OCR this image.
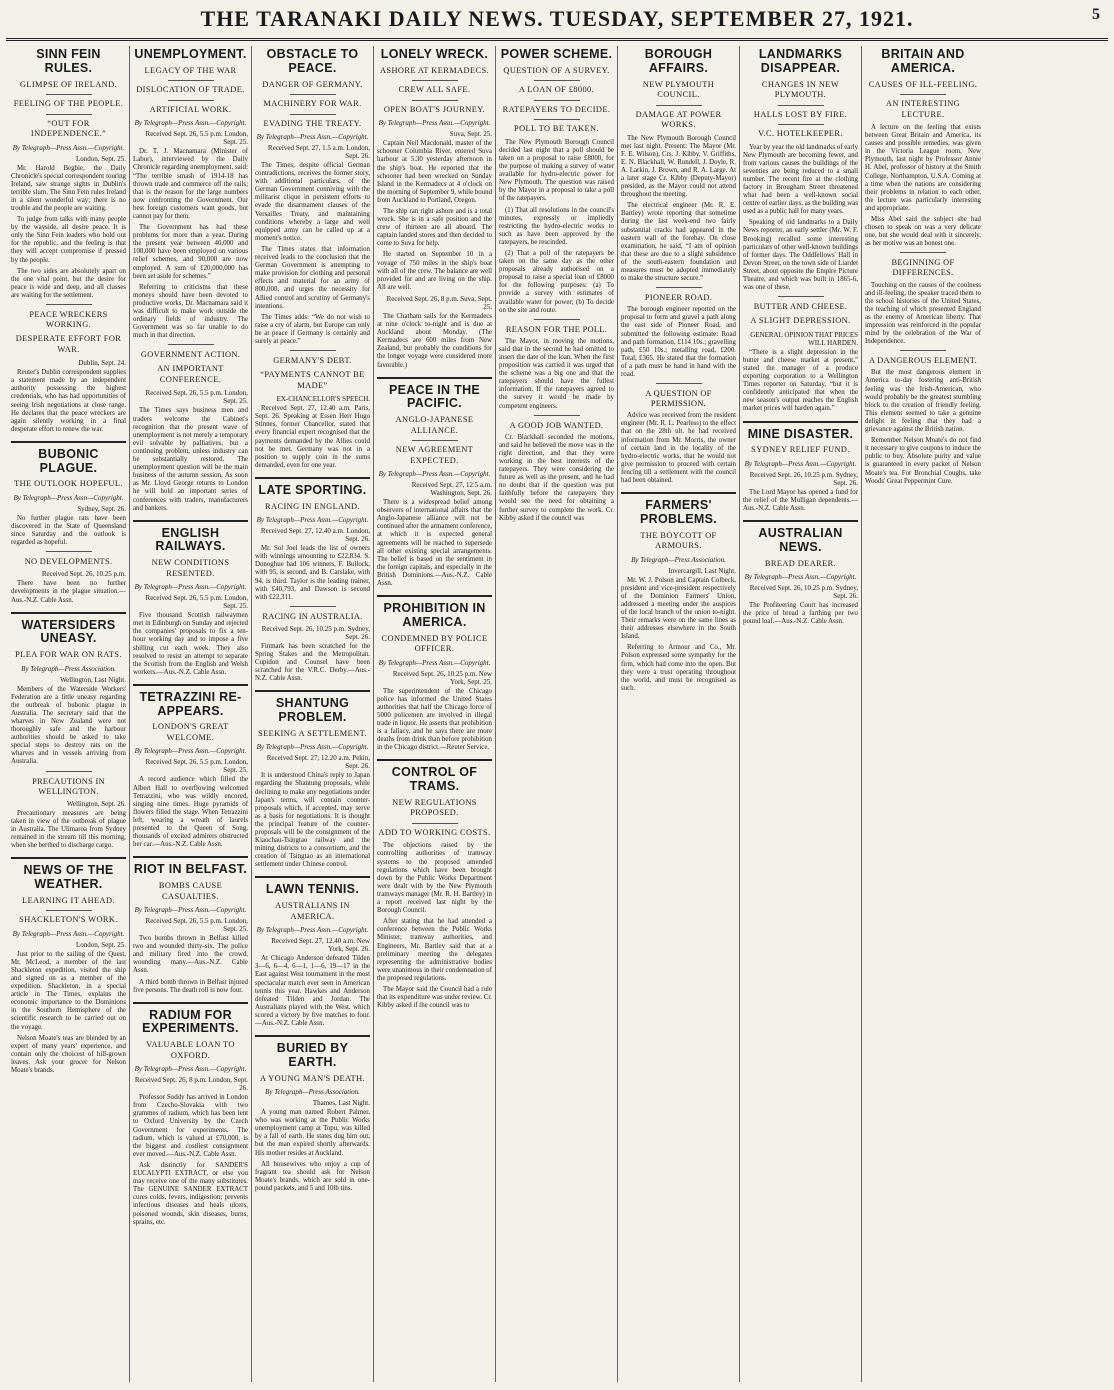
THE TARANAKI DAILY NEWS. TUESDAY, SEPTEMBER 27, 1921.	5
SINN FEIN RULES.
GLIMPSE OF IRELAND.
FEELING OF THE PEOPLE.
“OUT FOR INDEPENDENCE.”
By Telegraph—Press Assn.—Copyright.
London, Sept. 25.

Mr. Harold Begbie, the Daily Chronicle's special correspondent touring Ireland, saw strange sights in Dublin's terrible slum. The Sinn Fein rules Ireland in a silent wonderful way; there is no trouble and the people are waiting.

To judge from talks with many people by the wayside, all desire peace. It is only the Sinn Fein leaders who hold out for the republic, and the feeling is that they will accept compromise if pressed by the people.

The two sides are absolutely apart on the one vital point, but the desire for peace is wide and deep, and all classes are waiting for the settlement.

PEACE WRECKERS WORKING.
DESPERATE EFFORT FOR WAR.
Dublin, Sept. 24.

Reuter's Dublin correspondent supplies a statement made by an independent authority possessing the highest credentials, who has had opportunities of seeing Irish negotiations at close range. He declares that the peace wreckers are again silently working in a final desperate effort to renew the war.

BUBONIC PLAGUE.
THE OUTLOOK HOPEFUL.
By Telegraph—Press Assn—Copyright.
Sydney, Sept. 26.

No further plague rats have been discovered in the State of Queensland since Saturday and the outlook is regarded as hopeful.

NO DEVELOPMENTS.
Received Sept. 26, 10.25 p.m.

There have been no further developments in the plague situation.—Aus.-N.Z. Cable Assn.

WATERSIDERS UNEASY.
PLEA FOR WAR ON RATS.
By Telegraph—Press Association.
Wellington, Last Night.

Members of the Waterside Workers' Federation are a little uneasy regarding the outbreak of bubonic plague in Australia. The secretary said that the wharves in New Zealand were not thoroughly safe and the harbour authorities should be asked to take special steps to destroy rats on the wharves and in vessels arriving from Australia.

PRECAUTIONS IN WELLINGTON.
Wellington, Sept. 26.

Precautionary measures are being taken in view of the outbreak of plague in Australia. The Ulimaroa from Sydney remained in the stream till this morning, when she berthed to discharge cargo.

NEWS OF THE WEATHER.
LEARNING IT AHEAD.
SHACKLETON'S WORK.
By Telegraph—Press Assn.—Copyright.
London, Sept. 25.

Just prior to the sailing of the Quest, Mr. McLeod, a member of the last Shackleton expedition, visited the ship and signed on as a member of the expedition. Shackleton, in a special article in The Times, explains the economic importance to the Dominions in the Southern Hemisphere of the scientific research to be carried out on the voyage.

Nelson Moate's teas are blended by an expert of many years' experience, and contain only the choicest of hill-grown leaves. Ask your grocer for Nelson Moate's brands.

UNEMPLOYMENT.
LEGACY OF THE WAR
DISLOCATION OF TRADE.
ARTIFICIAL WORK.
By Telegraph—Press Assn.—Copyright.
Received Sept. 26, 5.5 p.m. London, Sept. 25.

Dr. T. J. Macnamara (Minister of Labor), interviewed by the Daily Chronicle regarding unemployment, said: “The terrible smash of 1914-18 has thrown trade and commerce off the rails; that is the reason for the large numbers now confronting the Government. Our best foreign customers want goods, but cannot pay for them.

The Government has had these problems for more than a year. During the present year between 40,000 and 100,000 have been employed on various relief schemes, and 90,000 are now employed. A sum of £20,000,000 has been set aside for schemes.”

Referring to criticisms that these moneys should have been devoted to productive works, Dr. Macnamara said it was difficult to make work outside the ordinary fields of industry. The Government was so far unable to do much in that direction.

GOVERNMENT ACTION.
AN IMPORTANT CONFERENCE.
Received Sept. 26, 5.5 p.m. London, Sept. 25.

The Times says business men and traders welcome the Cabinet's recognition that the present wave of unemployment is not merely a temporary evil solvable by palliatives, but a continuing problem, unless industry can be substantially restored. The unemployment question will be the main business of the autumn session. As soon as Mr. Lloyd George returns to London he will hold an important series of conferences with traders, manufacturers and bankers.

ENGLISH RAILWAYS.
NEW CONDITIONS RESENTED.
By Telegraph—Press Assn.—Copyright.
Received Sept. 26, 5.5 p.m. London, Sept. 25.

Five thousand Scottish railwaymen met in Edinburgh on Sunday and rejected the companies' proposals to fix a ten-hour working day and to impose a five shilling cut each week. They also resolved to resist an attempt to separate the Scottish from the English and Welsh workers.—Aus.-N.Z. Cable Assn.

TETRAZZINI RE-APPEARS.
LONDON'S GREAT WELCOME.
By Telegraph—Press Assn.—Copyright.
Received Sept. 26, 5.5 p.m. London, Sept. 25.

A record audience which filled the Albert Hall to overflowing welcomed Tetrazzini, who was wildly encored, singing nine times. Huge pyramids of flowers filled the stage. When Tetrazzini left, wearing a wreath of laurels presented to the Queen of Song, thousands of excited admirers obstructed her car.—Aus.-N.Z. Cable Assn.

RIOT IN BELFAST.
BOMBS CAUSE CASUALTIES.
By Telegraph—Press Assn.—Copyright.
Received Sept. 26, 5.5 p.m. London, Sept. 25.

Two bombs thrown in Belfast killed two and wounded thirty-six. The police and military fired into the crowd, wounding many.—Aus.-N.Z. Cable Assn.

A third bomb thrown in Belfast injured five persons. The death roll is now four.

RADIUM FOR EXPERIMENTS.
VALUABLE LOAN TO OXFORD.
By Telegraph—Press Assn.—Copyright.
Received Sept. 26, 8 p.m. London, Sept. 26.

Professor Soddy has arrived in London from Czecho-Slovakia with two grammes of radium, which has been lent to Oxford University by the Czech Government for experiments. The radium, which is valued at £70,000, is the biggest and costliest consignment ever moved.—Aus.-N.Z. Cable Assn.

Ask distinctly for SANDER'S EUCALYPTI EXTRACT, or else you may receive one of the many substitutes. The GENUINE SANDER EXTRACT cures colds, fevers, indigestion; prevents infectious diseases and heals ulcers, poisoned wounds, skin diseases, burns, sprains, etc.

OBSTACLE TO PEACE.
DANGER OF GERMANY.
MACHINERY FOR WAR.
EVADING THE TREATY.
By Telegraph—Press Assn.—Copyright.
Received Sept. 27, 1.5 a.m. London, Sept. 26.

The Times, despite official German contradictions, receives the former story, with additional particulars, of the German Government conniving with the militarist clique in persistent efforts to evade the disarmament clauses of the Versailles Treaty, and maintaining conditions whereby a large and well equipped army can be called up at a moment's notice.

The Times states that information received leads to the conclusion that the German Government is attempting to make provision for clothing and personal effects and material for an army of 800,000, and urges the necessity for Allied control and scrutiny of Germany's intentions.

The Times adds: “We do not wish to raise a cry of alarm, but Europe can only be at peace if Germany is certainly and surely at peace.”

GERMANY'S DEBT.
“PAYMENTS CANNOT BE MADE”
EX-CHANCELLOR'S SPEECH.

Received Sept. 27, 12.40 a.m. Paris, Sept. 26. Speaking at Essen Herr Hugo Stinnes, former Chancellor, stated that every financial expert recognised that the payments demanded by the Allies could not be met. Germany was not in a position to supply coin in the sums demanded, even for one year.

LATE SPORTING.
RACING IN ENGLAND.
By Telegraph—Press Assn.—Copyright.
Received Sept. 27, 12.40 a.m. London, Sept. 26.

Mr. Sol Joel leads the list of owners with winnings amounting to £22,834. S. Donoghue had 106 winners, F. Bullock, with 95, is second, and B. Carslake, with 94, is third. Taylor is the leading trainer, with £40,793, and Dawson is second with £22,311.

RACING IN AUSTRALIA.
Received Sept. 26, 10.25 p.m. Sydney, Sept. 26.

Finmark has been scratched for the Spring Stakes and the Metropolitan. Cupidon and Counsel have been scratched for the V.R.C. Derby.—Aus.-N.Z. Cable Assn.

SHANTUNG PROBLEM.
SEEKING A SETTLEMENT.
By Telegraph—Press Assn.—Copyright.
Received Sept. 27, 12.20 a.m. Pekin, Sept. 26.

It is understood China's reply to Japan regarding the Shantung proposals, while declining to make any negotiations under Japan's terms, will contain counter-proposals which, if accepted, may serve as a basis for negotiations. It is thought the principal feature of the counter-proposals will be the consignment of the Kiaochau-Tsingtao railway and the mining districts to a consortium, and the creation of Tsingtao as an international settlement under Chinese control.

LAWN TENNIS.
AUSTRALIANS IN AMERICA.
By Telegraph—Press Assn.—Copyright.
Received Sept. 27, 12.40 a.m. New York, Sept. 26.

At Chicago Anderson defeated Tilden 3—6, 6—4, 6—1, 1—6, 19—17 in the East against West tournament in the most spectacular match ever seen in American tennis this year. Hawkes and Anderson defeated Tilden and Jordan. The Australians played with the West, which scored a victory by five matches to four.—Aus.-N.Z. Cable Assn.

BURIED BY EARTH.
A YOUNG MAN'S DEATH.
By Telegraph—Press Association.
Thames, Last Night.

A young man named Robert Palmer, who was working at the Public Works unemployment camp at Topu, was killed by a fall of earth. He states dug him out, but the man expired shortly afterwards. His mother resides at Auckland.

All housewives who enjoy a cup of fragrant tea should ask for Nelson Moate's brands, which are sold in one-pound packets, and 5 and 10lb tins.

LONELY WRECK.
ASHORE AT KERMADECS.
CREW ALL SAFE.
OPEN BOAT'S JOURNEY.
By Telegraph—Press Assn.—Copyright.
Suva, Sept. 25.

Captain Neil Macdonald, master of the schooner Columbia River, entered Suva harbour at 5.30 yesterday afternoon in the ship's boat. He reported that the schooner had been wrecked on Sunday Island in the Kermadecs at 4 o'clock on the morning of September 9, while bound from Auckland to Portland, Oregon.

The ship ran right ashore and is a total wreck. She is in a safe position and the crew of thirteen are all aboard. The captain landed stores and then decided to come to Suva for help.

He started on September 10 in a voyage of 750 miles in the ship's boat with all of the crew. The balance are well provided for and are living on the ship. All are well.

Received Sept. 26, 8 p.m. Suva, Sept. 25.

The Chatham sails for the Kermadecs at nine o'clock to-night and is due at Auckland about Monday. (The Kermadecs are 600 miles from New Zealand, but probably the conditions for the longer voyage were considered more favorable.)

PEACE IN THE PACIFIC.
ANGLO-JAPANESE ALLIANCE.
NEW AGREEMENT EXPECTED.
By Telegraph—Press Assn.—Copyright.
Received Sept. 27, 12.5 a.m. Washington, Sept. 26.

There is a widespread belief among observers of international affairs that the Anglo-Japanese alliance will not be continued after the armament conference, at which it is expected general agreements will be reached to supersede all other existing special arrangements. The belief is based on the sentiment in the foreign capitals, and especially in the British Dominions.—Aus.-N.Z. Cable Assn.

PROHIBITION IN AMERICA.
CONDEMNED BY POLICE OFFICER.
By Telegraph—Press Assn.—Copyright.
Received Sept. 26, 10.25 p.m. New York, Sept. 25.

The superintendent of the Chicago police has informed the United States authorities that half the Chicago force of 5000 policemen are involved in illegal trade in liquor. He asserts that prohibition is a fallacy, and he says there are more deaths from drink than before prohibition in the Chicago district.—Reuter Service.

CONTROL OF TRAMS.
NEW REGULATIONS PROPOSED.
ADD TO WORKING COSTS.

The objections raised by the controlling authorities of tramway systems to the proposed amended regulations which have been brought down by the Public Works Department were dealt with by the New Plymouth tramways manager (Mr. R. H. Bartley) in a report received last night by the Borough Council.

After stating that he had attended a conference between the Public Works Minister, tramway authorities, and Engineers, Mr. Bartley said that at a preliminary meeting the delegates representing the administrative bodies were unanimous in their condemnation of the proposed regulations.

The Mayor said the Council had a rule that its expenditure was under review. Cr. Kibby asked if the council was to

POWER SCHEME.
QUESTION OF A SURVEY.
A LOAN OF £8000.
RATEPAYERS TO DECIDE.
POLL TO BE TAKEN.

The New Plymouth Borough Council decided last night that a poll should be taken on a proposal to raise £8000, for the purpose of making a survey of water available for hydro-electric power for New Plymouth. The question was raised by the Mayor in a proposal to take a poll of the ratepayers.

(1) That all resolutions in the council's minutes, expressly or impliedly restricting the hydro-electric works to such as have been approved by the ratepayers, be rescinded.

(2) That a poll of the ratepayers be taken on the same day as the other proposals already authorised on a proposal to raise a special loan of £8000 for the following purposes: (a) To provide a survey with estimates of available water for power; (b) To decide on the site and route.

REASON FOR THE POLL.

The Mayor, in moving the motions, said that in the second he had omitted to insert the date of the loan. When the first proposition was carried it was urged that the scheme was a big one and that the ratepayers should have the fullest information. If the ratepayers agreed to the survey it would be made by competent engineers.

A GOOD JOB WANTED.

Cr. Blackhall seconded the motions, and said he believed the move was in the right direction, and that they were working in the best interests of the ratepayers. They were considering the future as well as the present, and he had no doubt that if the question was put faithfully before the ratepayers they would see the need for obtaining a further survey to complete the work. Cr. Kibby asked if the council was

BOROUGH AFFAIRS.
NEW PLYMOUTH COUNCIL.
DAMAGE AT POWER WORKS.

The New Plymouth Borough Council met last night. Present: The Mayor (Mr. F. E. Wilson), Crs. J. Kibby, V. Griffiths, E. N. Blackhall, W. Rundell, J. Doyle, R. A. Larkin, J. Brown, and R. A. Large. At a later stage Cr. Kibby (Deputy-Mayor) presided, as the Mayor could not attend throughout the meeting.

The electrical engineer (Mr. R. E. Bartley) wrote reporting that sometime during the last week-end two fairly substantial cracks had appeared in the eastern wall of the forebay. On close examination, he said, “I am of opinion that these are due to a slight subsidence of the south-eastern foundation and measures must be adopted immediately to make the structure secure.”

PIONEER ROAD.

The borough engineer reported on the proposal to form and gravel a path along the east side of Pioneer Road, and submitted the following estimate: Road and path formation, £114 10s.; gravelling path, £50 10s.; metalling road, £200. Total, £365. He stated that the formation of a path must be hand in hand with the road.

A QUESTION OF PERMISSION.

Advice was received from the resident engineer (Mr. R. L. Pearless) to the effect that on the 28th ult. he had received information from Mr. Morris, the owner of certain land in the locality of the hydro-electric works, that he would not give permission to proceed with certain fencing till a settlement with the council had been obtained.

FARMERS' PROBLEMS.
THE BOYCOTT OF ARMOURS.
By Telegraph—Press Association.
Invercargill, Last Night.

Mr. W. J. Polson and Captain Colbeck, president and vice-president respectively of the Dominion Farmers' Union, addressed a meeting under the auspices of the local branch of the union to-night. Their remarks were on the same lines as their addresses elsewhere in the South Island.

Referring to Armour and Co., Mr. Polson expressed some sympathy for the firm, which had come into the open. But they were a trust operating throughout the world, and must be recognised as such.

LANDMARKS DISAPPEAR.
CHANGES IN NEW PLYMOUTH.
HALLS LOST BY FIRE.
V.C. HOTELKEEPER.

Year by year the old landmarks of early New Plymouth are becoming fewer, and from various causes the buildings of the seventies are being reduced to a small number. The recent fire at the clothing factory in Brougham Street threatened what had been a well-known social centre of earlier days, as the building was used as a public hall for many years.

Speaking of old landmarks to a Daily News reporter, an early settler (Mr. W. F. Brooking) recalled some interesting particulars of other well-known buildings of former days. The Oddfellows' Hall in Devon Street, on the town side of Liardet Street, about opposite the Empire Picture Theatre, and which was built in 1865-6, was one of these.

BUTTER AND CHEESE.
A SLIGHT DEPRESSION.
GENERAL OPINION THAT PRICES WILL HARDEN.

“There is a slight depression in the butter and cheese market at present,” stated the manager of a produce exporting corporation to a Wellington Times reporter on Saturday, “but it is confidently anticipated that when the new season's output reaches the English market prices will harden again.”

MINE DISASTER.
SYDNEY RELIEF FUND.
By Telegraph—Press Assn.—Copyright.
Received Sept. 26, 10.25 p.m. Sydney, Sept. 26.

The Lord Mayor has opened a fund for the relief of the Mulligan dependents.—Aus.-N.Z. Cable Assn.

AUSTRALIAN NEWS.
BREAD DEARER.
By Telegraph—Press Assn.—Copyright.
Received Sept. 26, 10.25 p.m. Sydney, Sept. 26.

The Profiteering Court has increased the price of bread a farthing per two pound loaf.—Aus.-N.Z. Cable Assn.

BRITAIN AND AMERICA.
CAUSES OF ILL-FEELING.
AN INTERESTING LECTURE.

A lecture on the feeling that exists between Great Britain and America, its causes and possible remedies, was given in the Victoria League room, New Plymouth, last night by Professor Annie H. Abel, professor of history at the Smith College, Northampton, U.S.A. Coming at a time when the nations are considering their problems in relation to each other, the lecture was particularly interesting and appropriate.

Miss Abel said the subject she had chosen to speak on was a very delicate one, but she would deal with it sincerely, as her motive was an honest one.

BEGINNING OF DIFFERENCES.

Touching on the causes of the coolness and ill-feeling, the speaker traced them to the school histories of the United States, the teaching of which presented England as the enemy of American liberty. That impression was reinforced in the popular mind by the celebration of the War of Independence.

A DANGEROUS ELEMENT.

But the most dangerous element in America to-day fostering anti-British feeling was the Irish-American, who would probably be the greatest stumbling block to the creation of friendly feeling. This element seemed to take a genuine delight in feeling that they had a grievance against the British nation.

Remember Nelson Moate's do not find it necessary to give coupons to induce the public to buy. Absolute purity and value is guaranteed in every packet of Nelson Moate's tea. For Bronchial Coughs, take Woods' Great Peppermint Cure.
